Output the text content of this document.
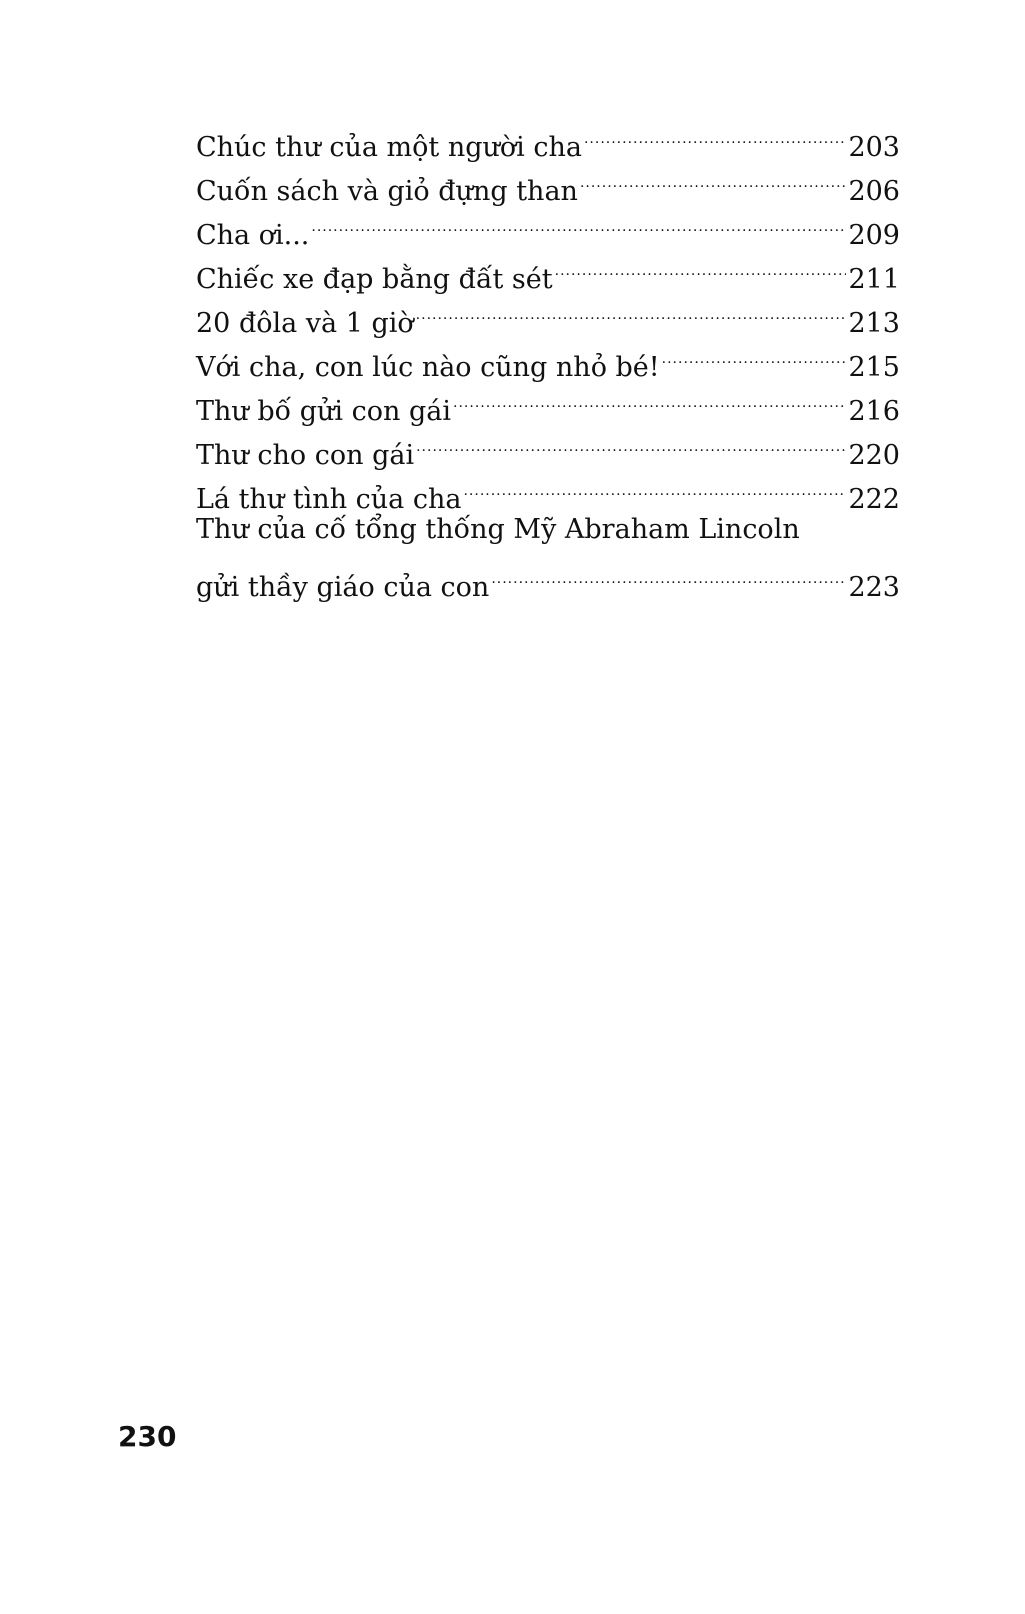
Chúc thư của một người cha .....	203
Cuốn sách và giỏ đựng than .....	206
Cha ơi... .....	209
Chiếc xe đạp bằng đất sét .....	211
20 đôla và 1 giờ .....	213
Với cha, con lúc nào cũng nhỏ bé! .....	215
Thư bố gửi con gái .....	216
Thư cho con gái .....	220
Lá thư tình của cha .....	222
Thư của cố tổng thống Mỹ Abraham Lincoln
gửi thầy giáo của con .....	223
230
